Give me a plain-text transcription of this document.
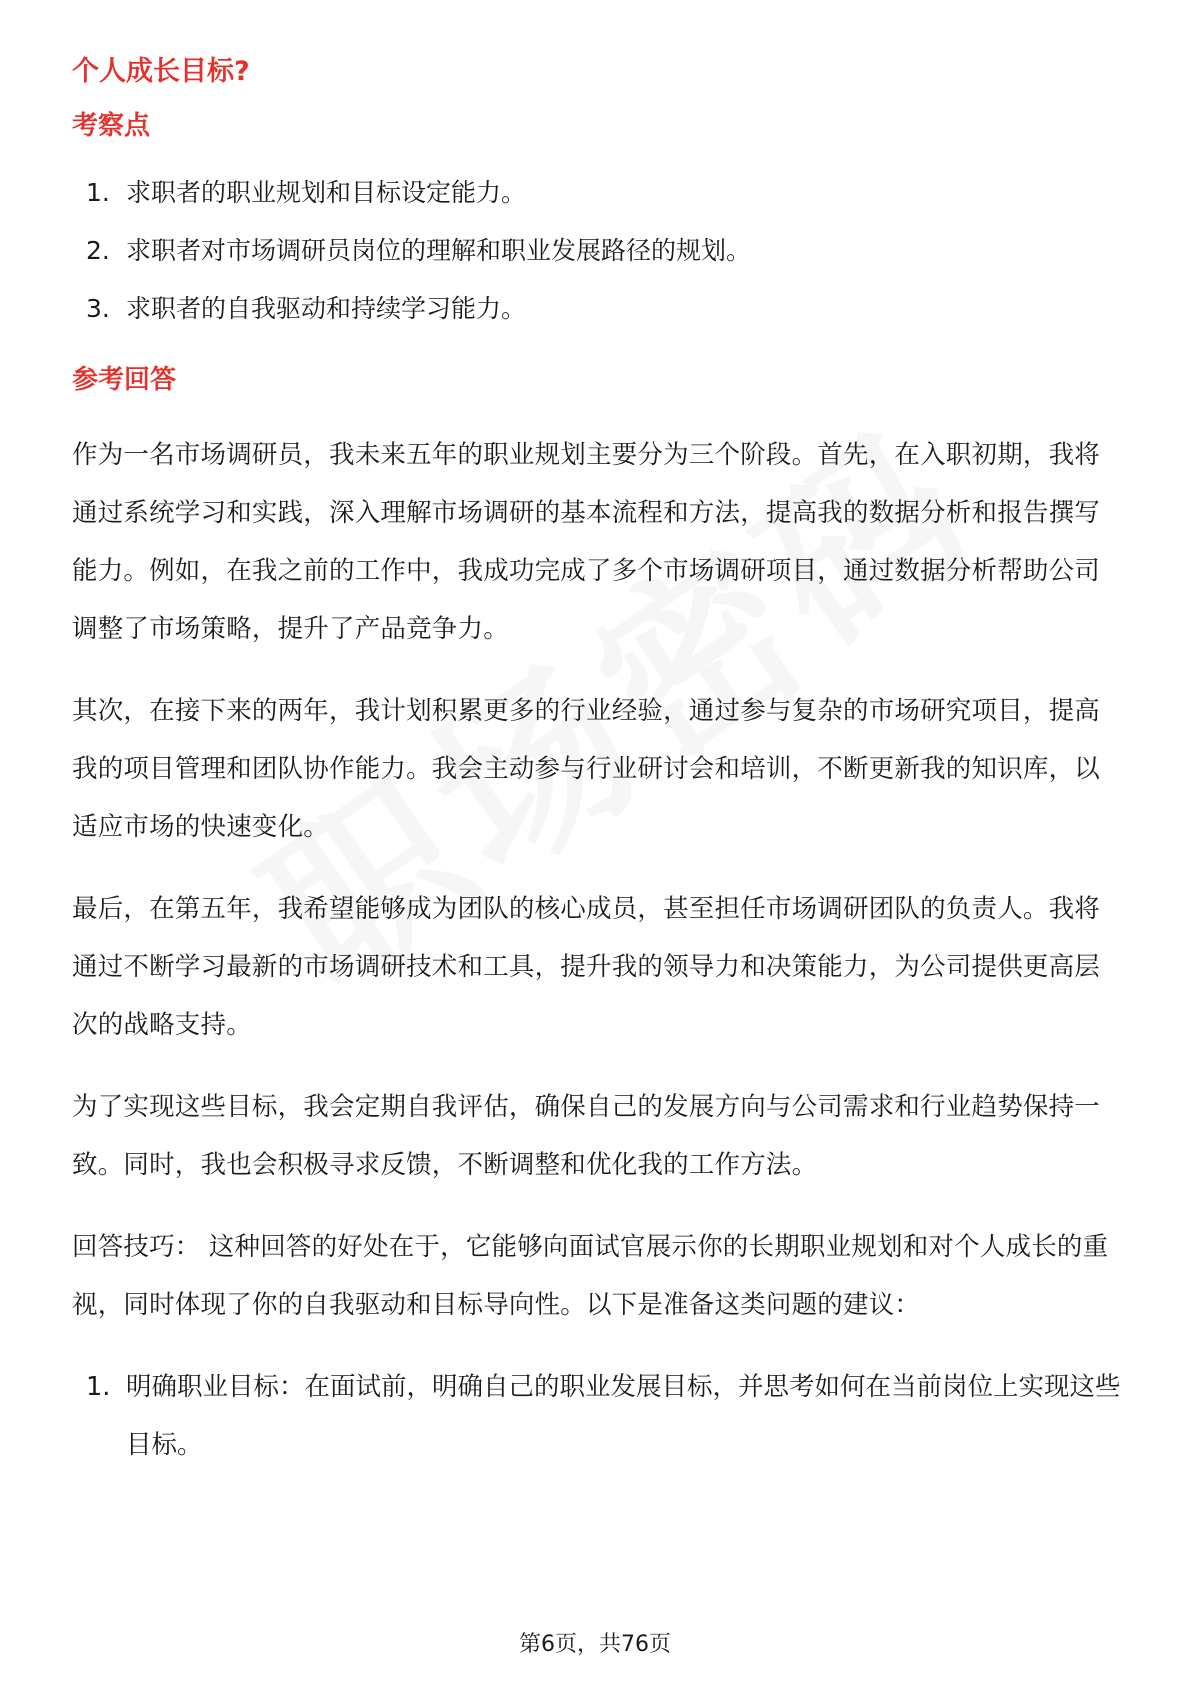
个人成长目标?
考察点
1. 求职者的职业规划和目标设定能力。
2. 求职者对市场调研员岗位的理解和职业发展路径的规划。
3. 求职者的自我驱动和持续学习能力。
参考回答

作为一名市场调研员，我未来五年的职业规划主要分为三个阶段。首先，在入职初期，我将通过系统学习和实践，深入理解市场调研的基本流程和方法，提高我的数据分析和报告撰写能力。例如，在我之前的工作中，我成功完成了多个市场调研项目，通过数据分析帮助公司调整了市场策略，提升了产品竞争力。

其次，在接下来的两年，我计划积累更多的行业经验，通过参与复杂的市场研究项目，提高我的项目管理和团队协作能力。我会主动参与行业研讨会和培训，不断更新我的知识库，以适应市场的快速变化。

最后，在第五年，我希望能够成为团队的核心成员，甚至担任市场调研团队的负责人。我将通过不断学习最新的市场调研技术和工具，提升我的领导力和决策能力，为公司提供更高层次的战略支持。

为了实现这些目标，我会定期自我评估，确保自己的发展方向与公司需求和行业趋势保持一致。同时，我也会积极寻求反馈，不断调整和优化我的工作方法。

回答技巧： 这种回答的好处在于，它能够向面试官展示你的长期职业规划和对个人成长的重视，同时体现了你的自我驱动和目标导向性。以下是准备这类问题的建议：

1. 明确职业目标：在面试前，明确自己的职业发展目标，并思考如何在当前岗位上实现这些目标。
第6页，共76页
